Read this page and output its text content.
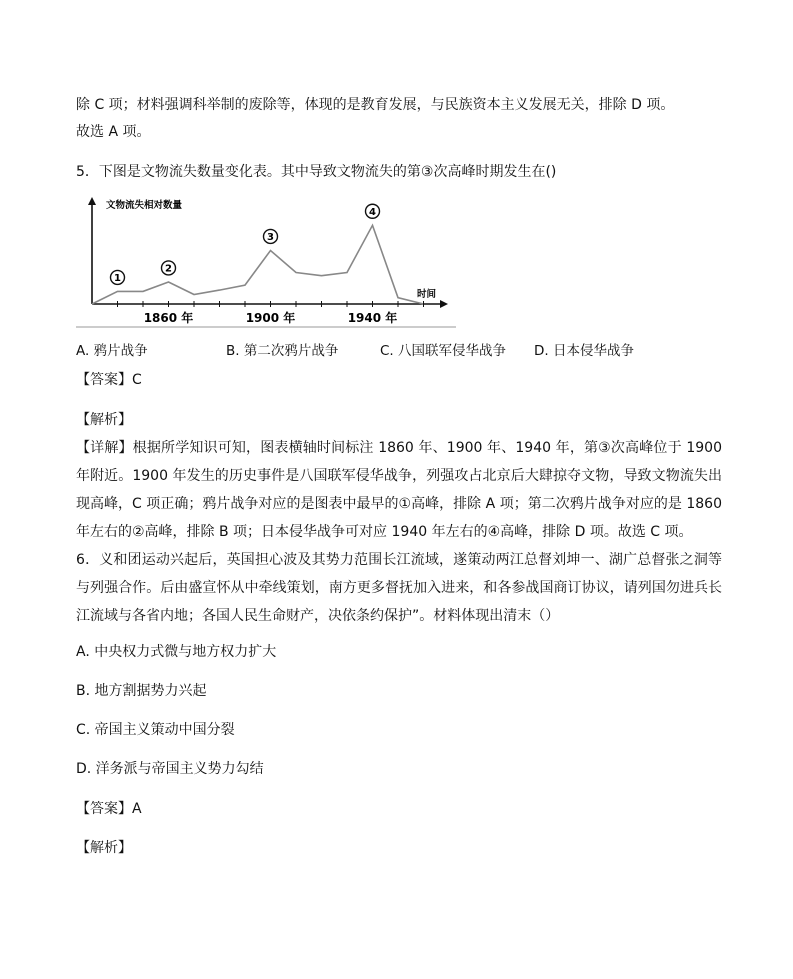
除 C 项；材料强调科举制的废除等，体现的是教育发展，与民族资本主义发展无关，排除 D 项。
故选 A 项。
5．下图是文物流失数量变化表。其中导致文物流失的第③次高峰时期发生在()
1
2
3
4
1860 年	1900 年	1940 年
文物流失相对数量
时间
A. 鸦片战争	B. 第二次鸦片战争	C. 八国联军侵华战争 D. 日本侵华战争
【答案】C
【解析】
【详解】根据所学知识可知，图表横轴时间标注 1860 年、1900 年、1940 年，第③次高峰位于 1900 年附近。1900 年发生的历史事件是八国联军侵华战争，列强攻占北京后大肆掠夺文物，导致文物流失出现高峰，C 项正确；鸦片战争对应的是图表中最早的①高峰，排除 A 项；第二次鸦片战争对应的是 1860 年左右的②高峰，排除 B 项；日本侵华战争可对应 1940 年左右的④高峰，排除 D 项。故选 C 项。
6．义和团运动兴起后，英国担心波及其势力范围长江流域，遂策动两江总督刘坤一、湖广总督张之洞等与列强合作。后由盛宣怀从中牵线策划，南方更多督抚加入进来，和各参战国商订协议，请列国勿进兵长江流域与各省内地；各国人民生命财产，决依条约保护”。材料体现出清末（）
A. 中央权力式微与地方权力扩大
B. 地方割据势力兴起
C. 帝国主义策动中国分裂
D. 洋务派与帝国主义势力勾结
【答案】A
【解析】
